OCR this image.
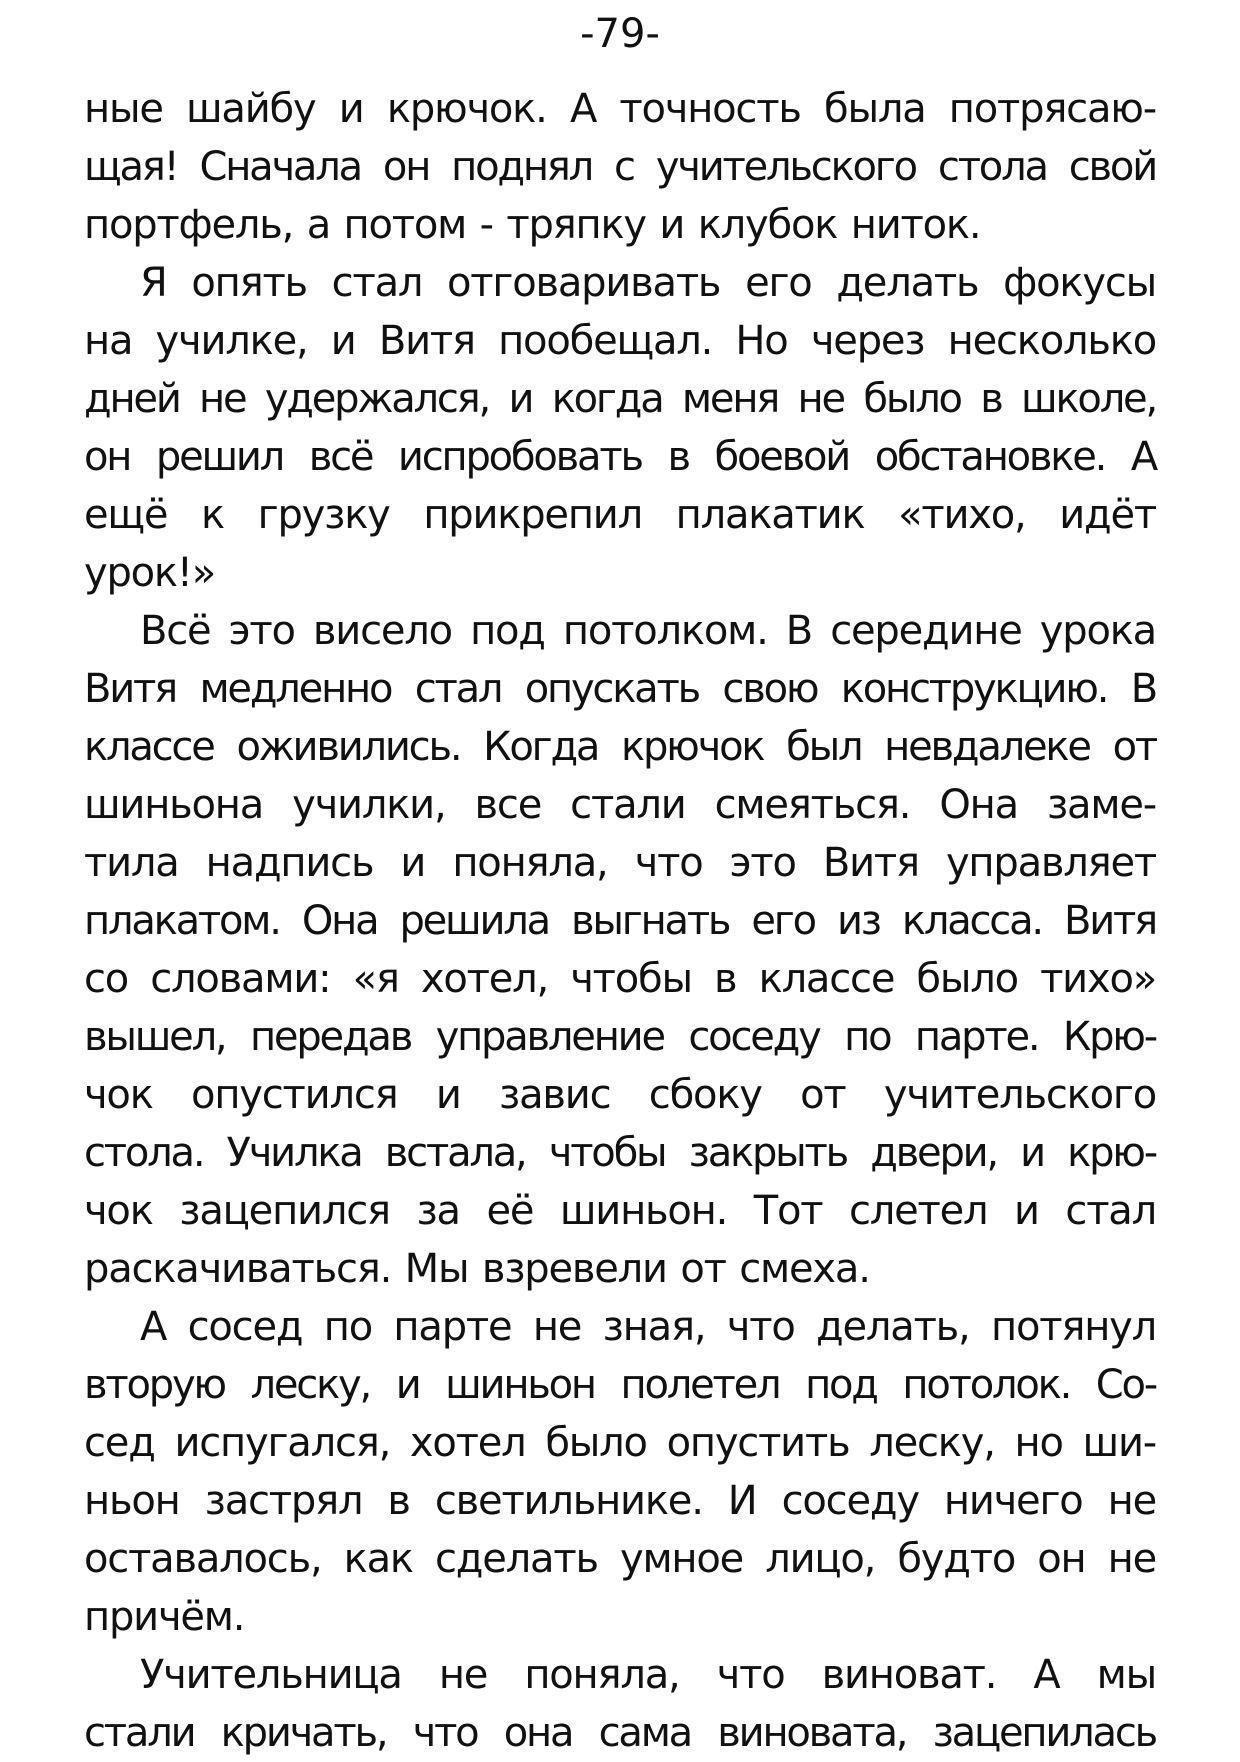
-79-
ные шайбу и крючок. А точность была потрясаю-
щая! Сначала он поднял с учительского стола свой
портфель, а потом - тряпку и клубок ниток.
Я опять стал отговаривать его делать фокусы
на училке, и Витя пообещал. Но через несколько
дней не удержался, и когда меня не было в школе,
он решил всё испробовать в боевой обстановке. А
ещё к грузку прикрепил плакатик «тихо, идёт
урок!»
Всё это висело под потолком. В середине урока
Витя медленно стал опускать свою конструкцию. В
классе оживились. Когда крючок был невдалеке от
шиньона училки, все стали смеяться. Она заме-
тила надпись и поняла, что это Витя управляет
плакатом. Она решила выгнать его из класса. Витя
со словами: «я хотел, чтобы в классе было тихо»
вышел, передав управление соседу по парте. Крю-
чок опустился и завис сбоку от учительского
стола. Училка встала, чтобы закрыть двери, и крю-
чок зацепился за её шиньон. Тот слетел и стал
раскачиваться. Мы взревели от смеха.
А сосед по парте не зная, что делать, потянул
вторую леску, и шиньон полетел под потолок. Со-
сед испугался, хотел было опустить леску, но ши-
ньон застрял в светильнике. И соседу ничего не
оставалось, как сделать умное лицо, будто он не
причём.
Учительница не поняла, что виноват. А мы
стали кричать, что она сама виновата, зацепилась
